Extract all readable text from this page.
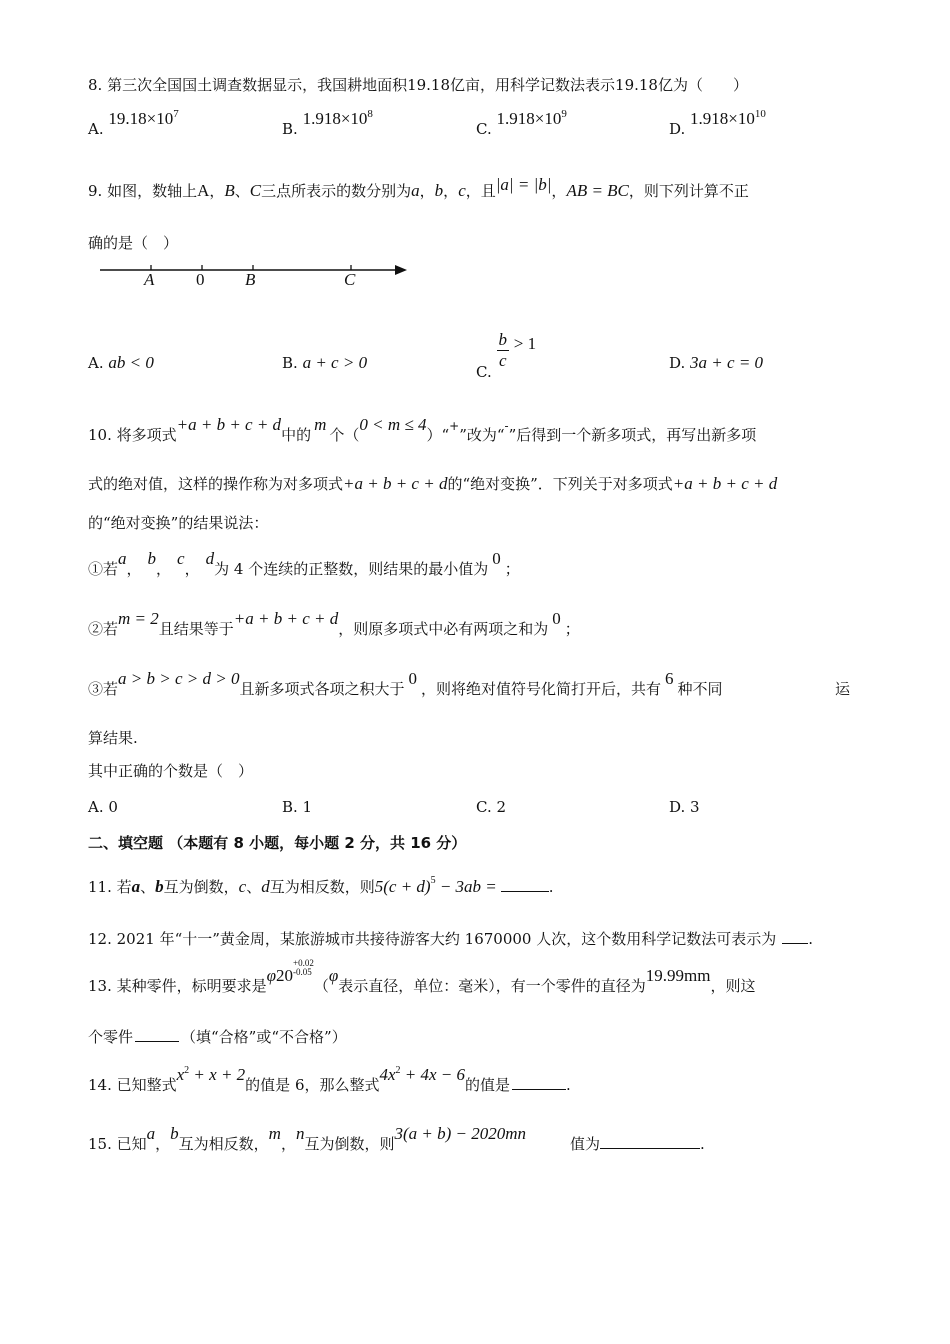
8. 第三次全国国土调查数据显示，我国耕地面积19.18亿亩，用科学记数法表示19.18亿为（　　）
A. $19.18\times 10^7$
B. $1.918\times 10^8$
C. $1.918\times 10^9$
D. $1.918\times 10^{10}$
9. 如图，数轴上A，B、C三点所表示的数分别为a，b，c，且|a| = |b|，AB = BC，则下列计算不正
确的是（　）
A 0 B	C
A. ab < 0	B. a + c > 0	C.
$\frac{b}{c} > 1$
D. 3a + c = 0
10. 将多项式+a + b + c + d中的m个（0 < m ≤ 4）“+”改为“-”后得到一个新多项式，再写出新多项
式的绝对值，这样的操作称为对多项式+a + b + c + d的“绝对变换”．下列关于对多项式+a + b + c + d
的“绝对变换”的结果说法：
①若a，b，c，d为 4 个连续的正整数，则结果的最小值为0；
②若m = 2且结果等于+a + b + c + d，则原多项式中必有两项之和为0；
③若a > b > c > d > 0且新多项式各项之积大于0，则将绝对值符号化简打开后，共有6种不同	运
算结果.
其中正确的个数是（　）
A. 0	B. 1	C. 2	D. 3
二、填空题 （本题有 8 小题，每小题 2 分，共 16 分）
11. 若a、b互为倒数，c、d互为相反数，则$5(c + d)^5 - 3ab$ =	.
12. 2021 年“十一”黄金周，某旅游城市共接待游客大约 1670000 人次，这个数用科学记数法可表示为 .
13. 某种零件，标明要求是φ20
+0.02
-0.05
（φ表示直径，单位：毫米），有一个零件的直径为19.99mm，则这
个零件	（填“合格”或“不合格”）
14. 已知整式$x^2 + x + 2$的值是 6，那么整式$4x^2 + 4x - 6$的值是	.
15. 已知a，b互为相反数，m，n互为倒数，则3(a + b) − 2020mn值为	.
